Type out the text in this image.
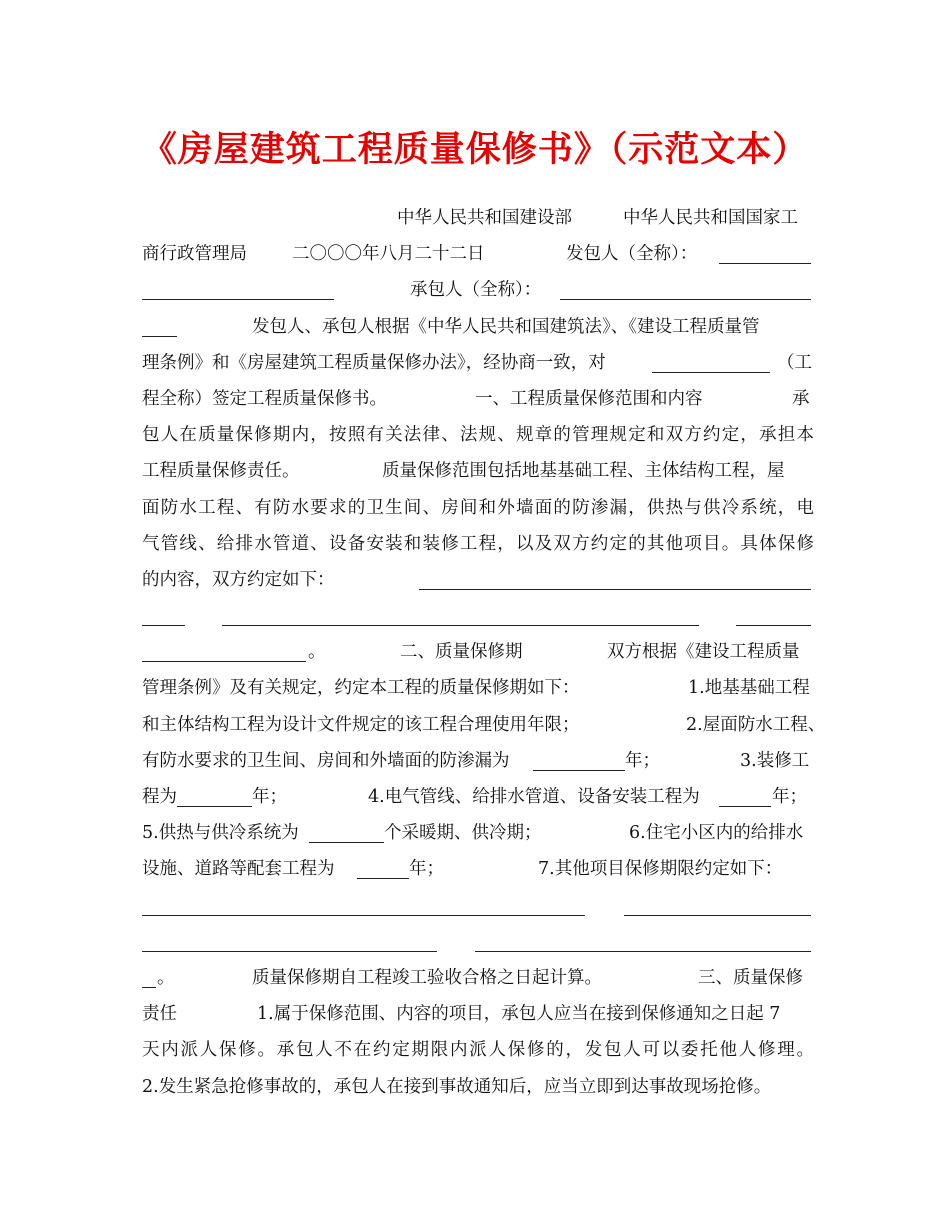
《房屋建筑工程质量保修书》（示范文本）
中华人民共和国建设部	中华人民共和国国家工
商行政管理局	二〇〇〇年八月二十二日	发包人（全称）：
承包人（全称）：
发包人、承包人根据《中华人民共和国建筑法》、《建设工程质量管
理条例》和《房屋建筑工程质量保修办法》，经协商一致，对	（工
程全称）签定工程质量保修书。	一、工程质量保修范围和内容	承
包人在质量保修期内，按照有关法律、法规、规章的管理规定和双方约定，承担本
工程质量保修责任。	质量保修范围包括地基基础工程、主体结构工程，屋
面防水工程、有防水要求的卫生间、房间和外墙面的防渗漏，供热与供冷系统，电
气管线、给排水管道、设备安装和装修工程，以及双方约定的其他项目。具体保修
的内容，双方约定如下：
。	二、质量保修期	双方根据《建设工程质量
管理条例》及有关规定，约定本工程的质量保修期如下：	1.地基基础工程
和主体结构工程为设计文件规定的该工程合理使用年限；	2.屋面防水工程、
有防水要求的卫生间、房间和外墙面的防渗漏为	年；	3.装修工
程为	年；	4.电气管线、给排水管道、设备安装工程为	年；
5.供热与供冷系统为	个采暖期、供冷期；	6.住宅小区内的给排水
设施、道路等配套工程为	年；	7.其他项目保修期限约定如下：
。	质量保修期自工程竣工验收合格之日起计算。	三、质量保修
责任	1.属于保修范围、内容的项目，承包人应当在接到保修通知之日起 7
天内派人保修。承包人不在约定期限内派人保修的，发包人可以委托他人修理。
2.发生紧急抢修事故的，承包人在接到事故通知后，应当立即到达事故现场抢修。
